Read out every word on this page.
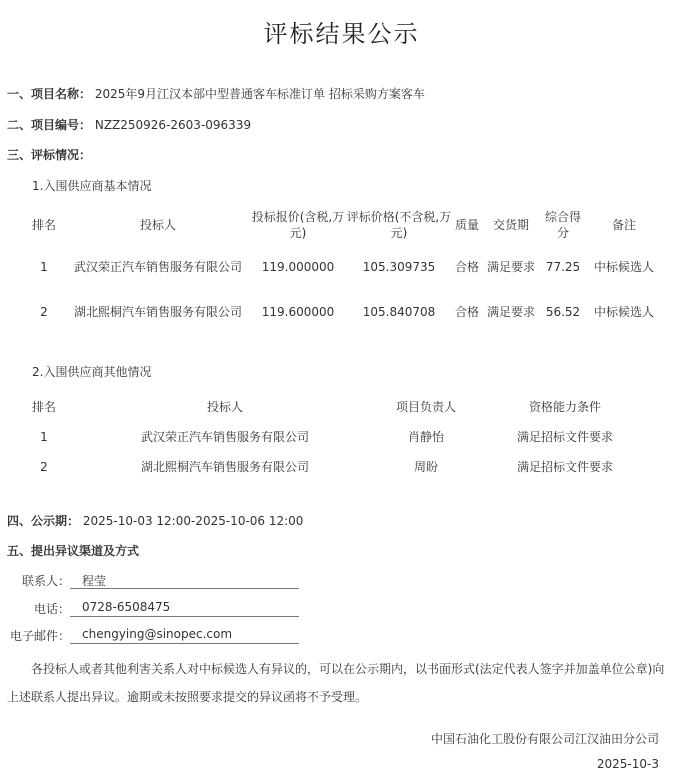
评标结果公示
一、项目名称： 2025年9月江汉本部中型普通客车标准订单 招标采购方案客车
二、项目编号： NZZ250926-2603-096339
三、评标情况：
1.入围供应商基本情况
排名	投标人	投标报价(含税,万元)	评标价格(不含税,万元)	质量	交货期	综合得分	备注
1	武汉荣正汽车销售服务有限公司	119.000000	105.309735	合格	满足要求	77.25	中标候选人
2	湖北熙桐汽车销售服务有限公司	119.600000	105.840708	合格	满足要求	56.52	中标候选人
2.入围供应商其他情况
排名	投标人	项目负责人	资格能力条件
1	武汉荣正汽车销售服务有限公司	肖静怡	满足招标文件要求
2	湖北熙桐汽车销售服务有限公司	周盼	满足招标文件要求
四、公示期： 2025-10-03 12:00-2025-10-06 12:00
五、提出异议渠道及方式
联系人：	程莹
电话：	0728-6508475
电子邮件：	chengying@sinopec.com
各投标人或者其他利害关系人对中标候选人有异议的，可以在公示期内，以书面形式(法定代表人签字并加盖单位公章)向上述联系人提出异议。逾期或未按照要求提交的异议函将不予受理。
中国石油化工股份有限公司江汉油田分公司
2025-10-3
